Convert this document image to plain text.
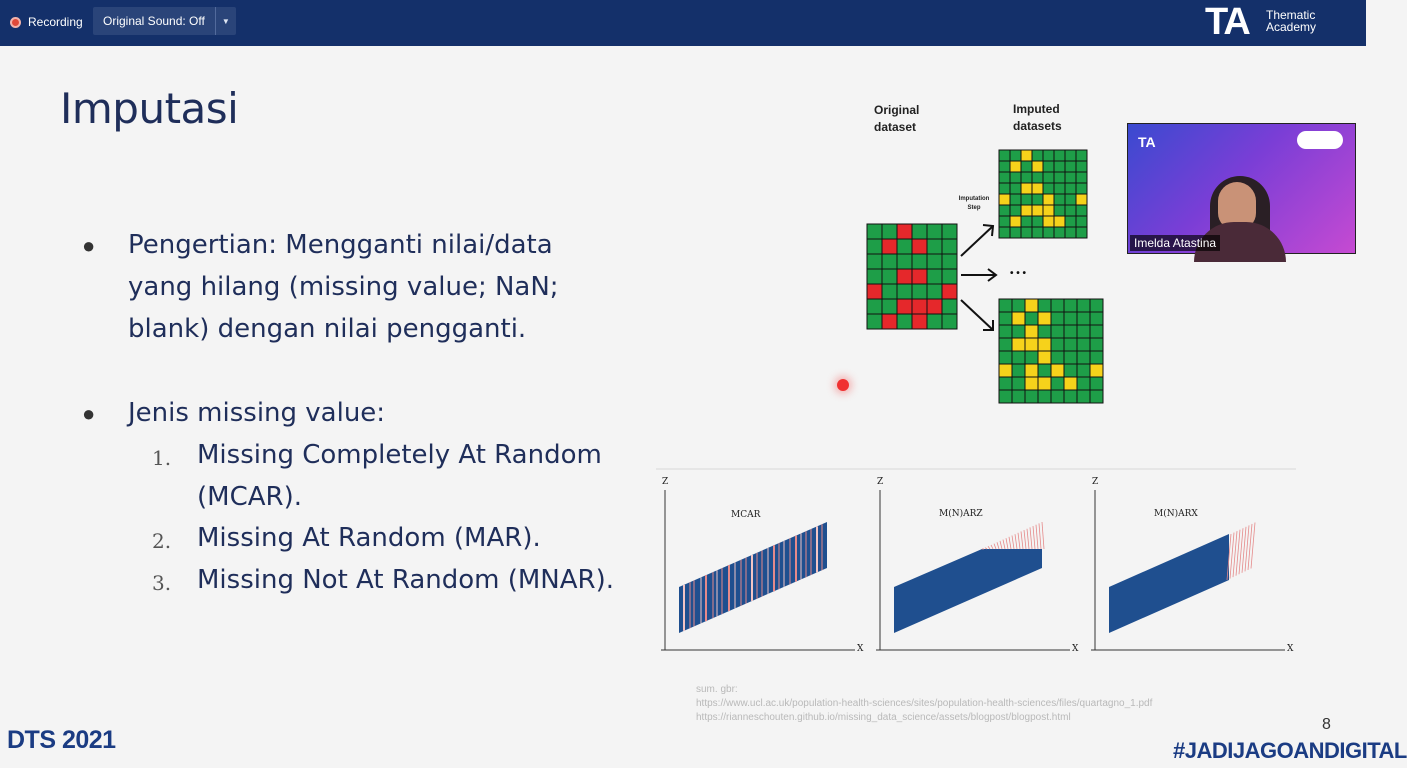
Recording	Original Sound: Off	▼	TA Thematic
Academy
Imputasi
● Pengertian: Mengganti nilai/data yang hilang (missing value; NaN; blank) dengan nilai pengganti.
● Jenis missing value:
1. Missing Completely At Random (MCAR).
2. Missing At Random (MAR).
3. Missing Not At Random (MNAR).
Original
dataset
Imputed
datasets
Imputation
Step
• • •
Z
X
MCAR
Z
X
M(N)ARZ
Z
X
M(N)ARX
sum. gbr:
https://www.ucl.ac.uk/population-health-sciences/sites/population-health-sciences/files/quartagno_1.pdf
https://rianneschouten.github.io/missing_data_science/assets/blogpost/blogpost.html	8
DTS 2021	#JADIJAGOANDIGITAL
TA
Imelda Atastina
